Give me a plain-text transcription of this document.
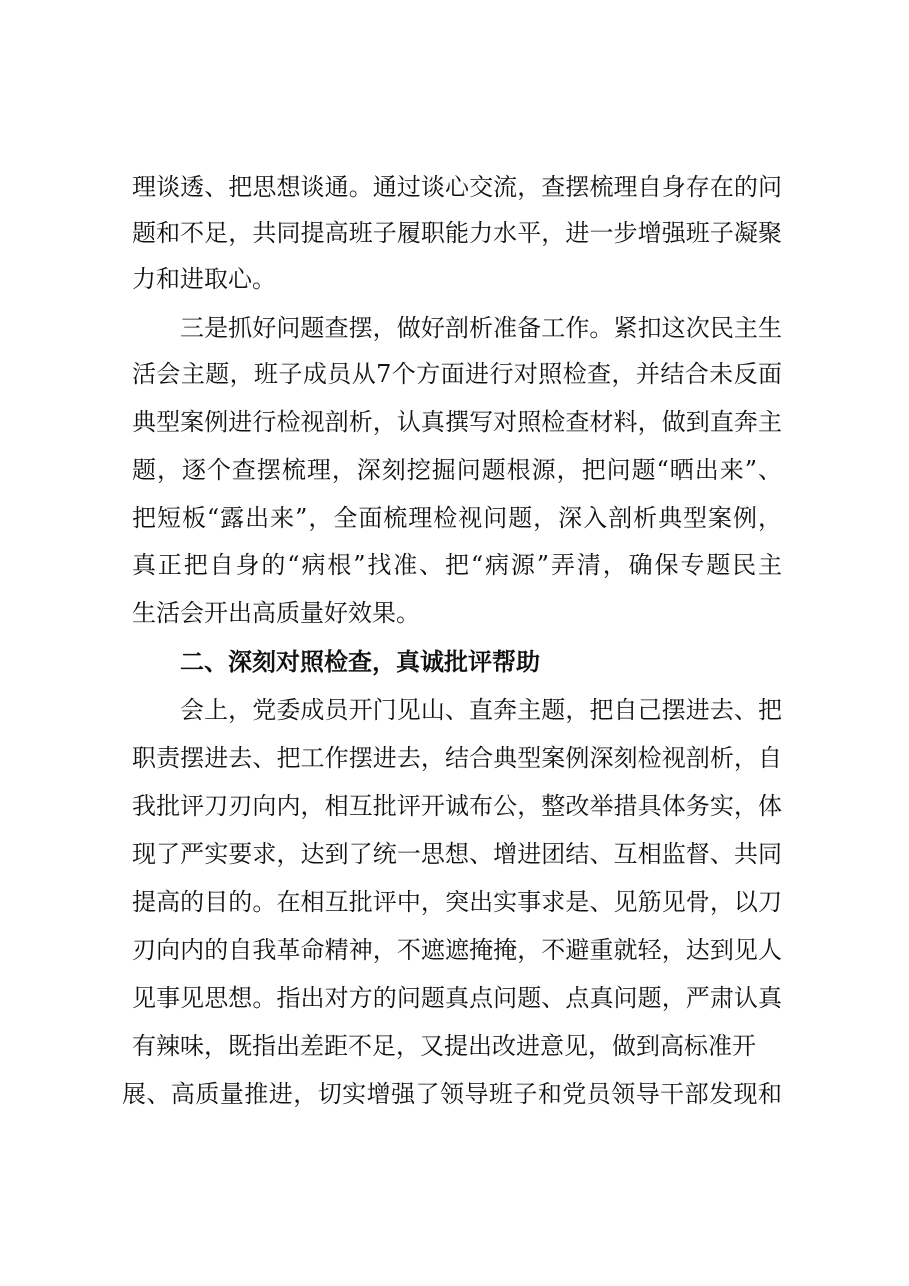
理谈透、把思想谈通。通过谈心交流，查摆梳理自身存在的问
题和不足，共同提高班子履职能力水平，进一步增强班子凝聚
力和进取心。
三是抓好问题查摆，做好剖析准备工作。紧扣这次民主生
活会主题，班子成员从7个方面进行对照检查，并结合未反面
典型案例进行检视剖析，认真撰写对照检查材料，做到直奔主
题，逐个查摆梳理，深刻挖掘问题根源，把问题“晒出来”、
把短板“露出来”，全面梳理检视问题，深入剖析典型案例，
真正把自身的“病根”找准、把“病源”弄清，确保专题民主
生活会开出高质量好效果。
二、深刻对照检查，真诚批评帮助
会上，党委成员开门见山、直奔主题，把自己摆进去、把
职责摆进去、把工作摆进去，结合典型案例深刻检视剖析，自
我批评刀刃向内，相互批评开诚布公，整改举措具体务实，体
现了严实要求，达到了统一思想、增进团结、互相监督、共同
提高的目的。在相互批评中，突出实事求是、见筋见骨，以刀
刃向内的自我革命精神，不遮遮掩掩，不避重就轻，达到见人
见事见思想。指出对方的问题真点问题、点真问题，严肃认真
有辣味，既指出差距不足，又提出改进意见，做到高标准开
展、高质量推进，切实增强了领导班子和党员领导干部发现和
